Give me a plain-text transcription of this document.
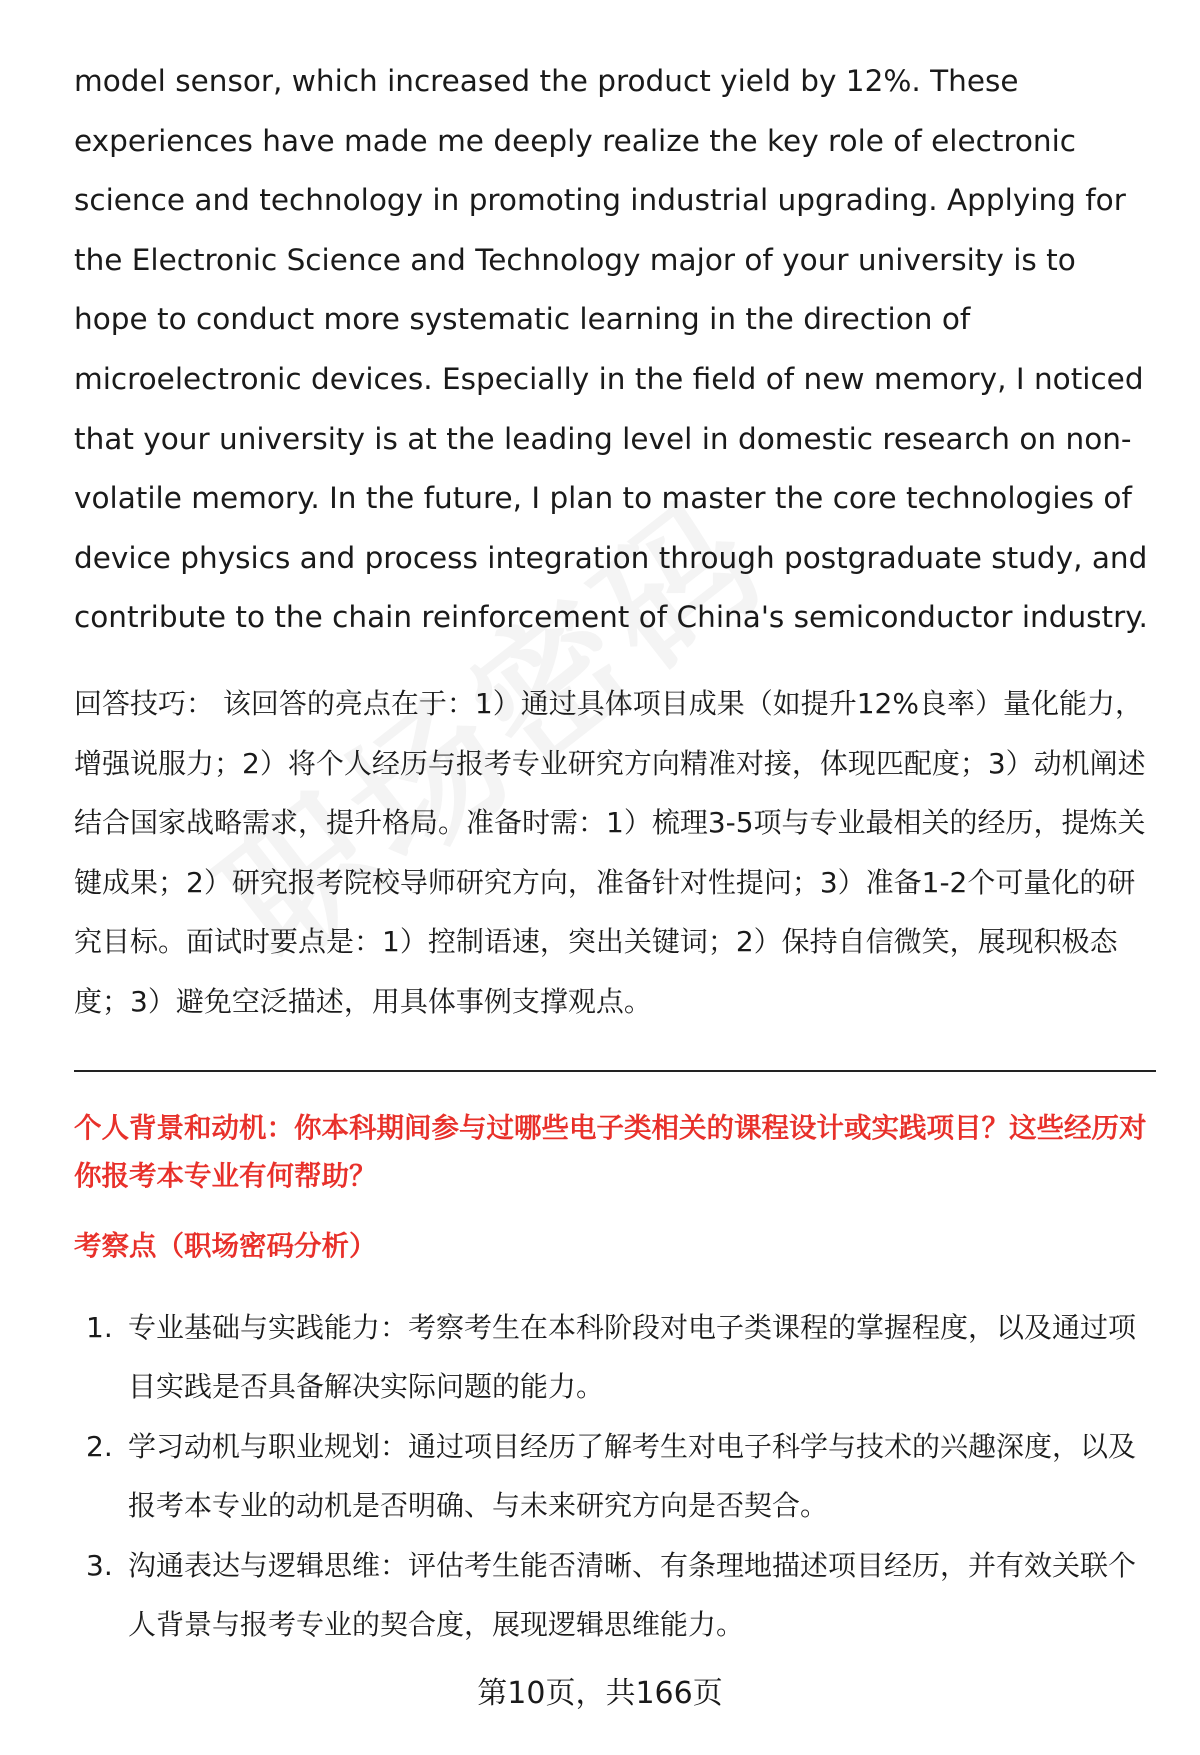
model sensor, which increased the product yield by 12%. These experiences have made me deeply realize the key role of electronic science and technology in promoting industrial upgrading. Applying for the Electronic Science and Technology major of your university is to hope to conduct more systematic learning in the direction of microelectronic devices. Especially in the field of new memory, I noticed that your university is at the leading level in domestic research on non-volatile memory. In the future, I plan to master the core technologies of device physics and process integration through postgraduate study, and contribute to the chain reinforcement of China's semiconductor industry.

回答技巧： 该回答的亮点在于：1）通过具体项目成果（如提升12%良率）量化能力，增强说服力；2）将个人经历与报考专业研究方向精准对接，体现匹配度；3）动机阐述结合国家战略需求，提升格局。准备时需：1）梳理3-5项与专业最相关的经历，提炼关键成果；2）研究报考院校导师研究方向，准备针对性提问；3）准备1-2个可量化的研究目标。面试时要点是：1）控制语速，突出关键词；2）保持自信微笑，展现积极态度；3）避免空泛描述，用具体事例支撑观点。

个人背景和动机：你本科期间参与过哪些电子类相关的课程设计或实践项目？这些经历对你报考本专业有何帮助？

考察点（职场密码分析）

1. 专业基础与实践能力：考察考生在本科阶段对电子类课程的掌握程度，以及通过项目实践是否具备解决实际问题的能力。
2. 学习动机与职业规划：通过项目经历了解考生对电子科学与技术的兴趣深度，以及报考本专业的动机是否明确、与未来研究方向是否契合。
3. 沟通表达与逻辑思维：评估考生能否清晰、有条理地描述项目经历，并有效关联个人背景与报考专业的契合度，展现逻辑思维能力。
第10页，共166页
